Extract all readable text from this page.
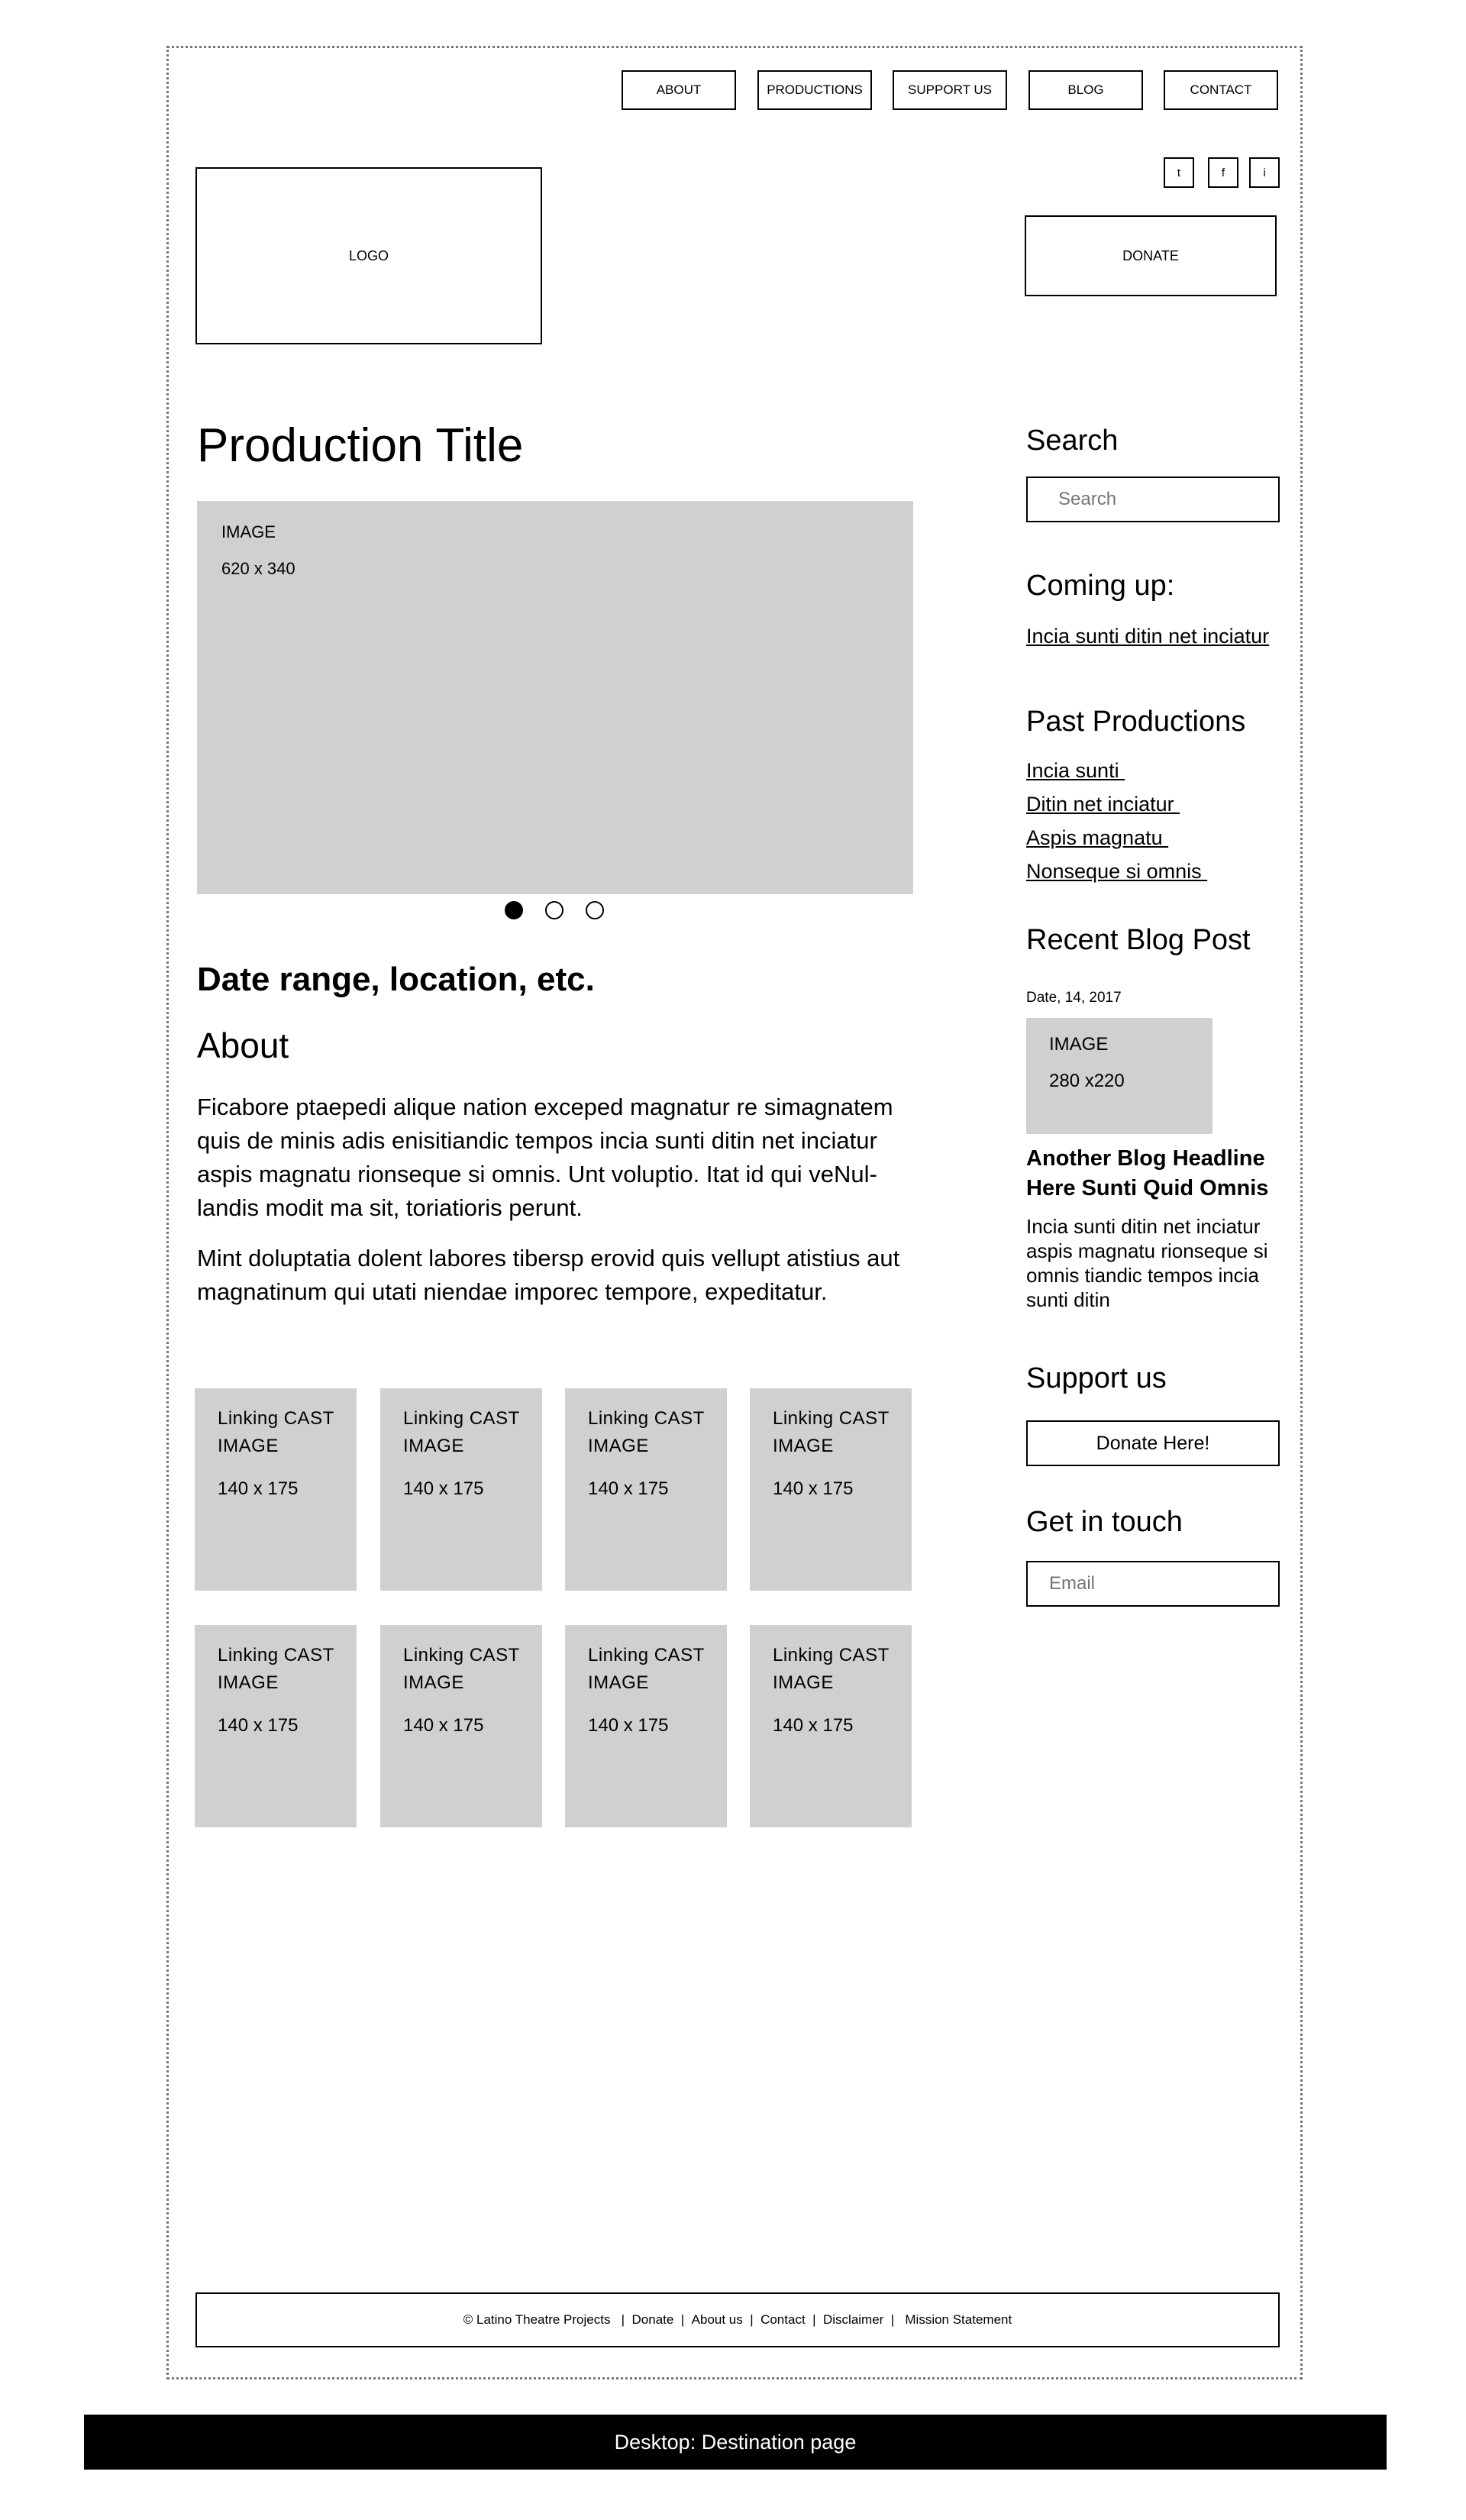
ABOUT	PRODUCTIONS	SUPPORT US	BLOG	CONTACT
t	f	i
LOGO	DONATE
Production Title
IMAGE
620 x 340
Date range, location, etc.
About
Ficabore ptaepedi alique nation exceped magnatur re simagnatem quis de minis adis enisitiandic tempos incia sunti ditin net inciatur aspis magnatu rionseque si omnis. Unt voluptio. Itat id qui veNul-landis modit ma sit, toriatioris perunt.
Mint doluptatia dolent labores tibersp erovid quis vellupt atistius aut magnatinum qui utati niendae imporec tempore, expeditatur.
Linking CAST
IMAGE
140 x 175
Linking CAST
IMAGE
140 x 175
Linking CAST
IMAGE
140 x 175
Linking CAST
IMAGE
140 x 175
Linking CAST
IMAGE
140 x 175
Linking CAST
IMAGE
140 x 175
Linking CAST
IMAGE
140 x 175
Linking CAST
IMAGE
140 x 175
Search
Search
Coming up:
Incia sunti ditin net inciatur
Past Productions
Incia sunti
Ditin net inciatur
Aspis magnatu
Nonseque si omnis
Recent Blog Post
Date, 14, 2017
IMAGE
280 x220
Another Blog Headline Here Sunti Quid Omnis
Incia sunti ditin net inciatur aspis magnatu rionseque si omnis tiandic tempos incia sunti ditin
Support us
Donate Here!
Get in touch
Email
© Latino Theatre Projects | Donate | About us | Contact | Disclaimer | Mission Statement
Desktop: Destination page
